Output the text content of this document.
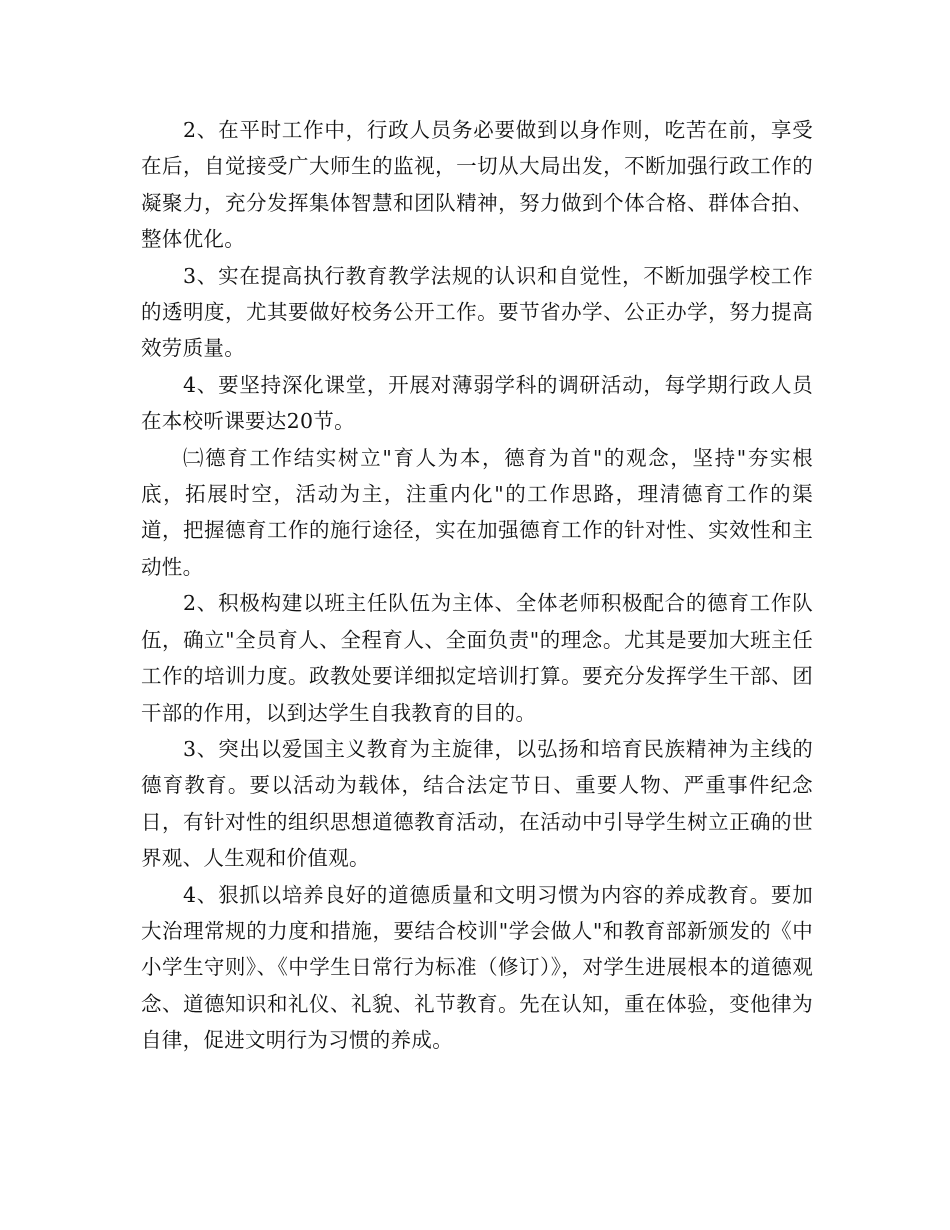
2、在平时工作中，行政人员务必要做到以身作则，吃苦在前，享受在后，自觉接受广大师生的监视，一切从大局出发，不断加强行政工作的凝聚力，充分发挥集体智慧和团队精神，努力做到个体合格、群体合拍、整体优化。

3、实在提高执行教育教学法规的认识和自觉性，不断加强学校工作的透明度，尤其要做好校务公开工作。要节省办学、公正办学，努力提高效劳质量。

4、要坚持深化课堂，开展对薄弱学科的调研活动，每学期行政人员在本校听课要达20节。

㈡德育工作结实树立"育人为本，德育为首"的观念，坚持"夯实根底，拓展时空，活动为主，注重内化"的工作思路，理清德育工作的渠道，把握德育工作的施行途径，实在加强德育工作的针对性、实效性和主动性。

2、积极构建以班主任队伍为主体、全体老师积极配合的德育工作队伍，确立"全员育人、全程育人、全面负责"的理念。尤其是要加大班主任工作的培训力度。政教处要详细拟定培训打算。要充分发挥学生干部、团干部的作用，以到达学生自我教育的目的。

3、突出以爱国主义教育为主旋律，以弘扬和培育民族精神为主线的德育教育。要以活动为载体，结合法定节日、重要人物、严重事件纪念日，有针对性的组织思想道德教育活动，在活动中引导学生树立正确的世界观、人生观和价值观。

4、狠抓以培养良好的道德质量和文明习惯为内容的养成教育。要加大治理常规的力度和措施，要结合校训"学会做人"和教育部新颁发的《中小学生守则》、《中学生日常行为标准（修订）》，对学生进展根本的道德观念、道德知识和礼仪、礼貌、礼节教育。先在认知，重在体验，变他律为自律，促进文明行为习惯的养成。
